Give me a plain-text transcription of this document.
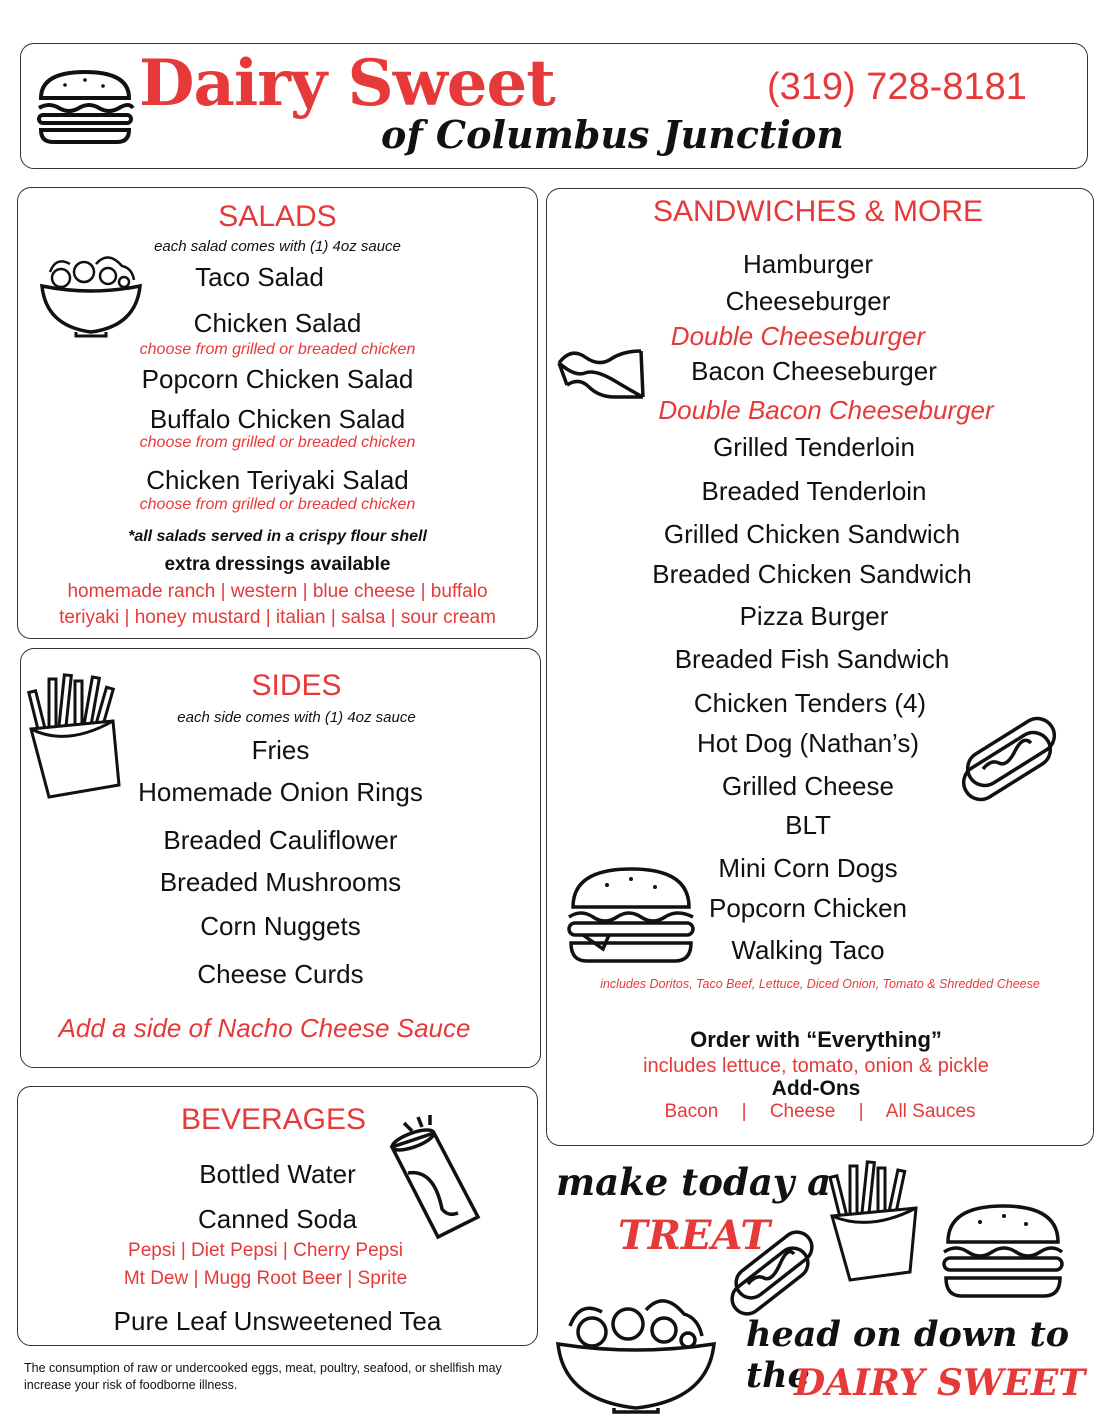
Dairy Sweet
of Columbus Junction
(319) 728-8181
SALADS
each salad comes with (1) 4oz sauce
Taco Salad
Chicken Salad
choose from grilled or breaded chicken
Popcorn Chicken Salad
Buffalo Chicken Salad
choose from grilled or breaded chicken
Chicken Teriyaki Salad
choose from grilled or breaded chicken
*all salads served in a crispy flour shell
extra dressings available
homemade ranch | western | blue cheese | buffalo
teriyaki | honey mustard | italian | salsa | sour cream
SIDES
each side comes with (1) 4oz sauce
Fries
Homemade Onion Rings
Breaded Cauliflower
Breaded Mushrooms
Corn Nuggets
Cheese Curds
Add a side of Nacho Cheese Sauce
BEVERAGES
Bottled Water
Canned Soda
Pepsi | Diet Pepsi | Cherry Pepsi
Mt Dew | Mugg Root Beer | Sprite
Pure Leaf Unsweetened Tea
SANDWICHES & MORE
Hamburger
Cheeseburger
Double Cheeseburger
Bacon Cheeseburger
Double Bacon Cheeseburger
Grilled Tenderloin
Breaded Tenderloin
Grilled Chicken Sandwich
Breaded Chicken Sandwich
Pizza Burger
Breaded Fish Sandwich
Chicken Tenders (4)
Hot Dog (Nathan’s)
Grilled Cheese
BLT
Mini Corn Dogs
Popcorn Chicken
Walking Taco
includes Doritos, Taco Beef, Lettuce, Diced Onion, Tomato & Shredded Cheese
Order with “Everything”
includes lettuce, tomato, onion & pickle
Add-Ons
Bacon | Cheese | All Sauces
make today a
TREAT
head on down to the
DAIRY SWEET
The consumption of raw or undercooked eggs, meat, poultry, seafood, or shellfish may increase your risk of foodborne illness.
